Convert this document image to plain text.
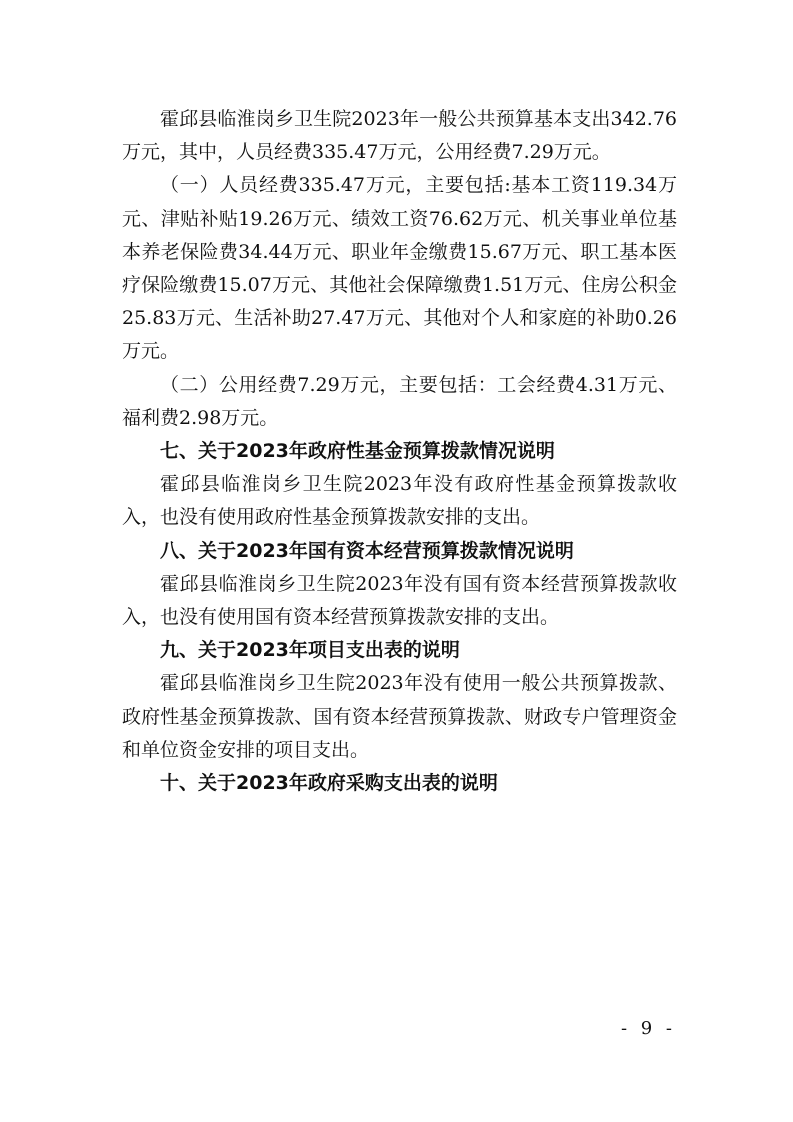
霍邱县临淮岗乡卫生院2023年一般公共预算基本支出342.76万元，其中，人员经费335.47万元，公用经费7.29万元。

（一）人员经费335.47万元，主要包括:基本工资119.34万元、津贴补贴19.26万元、绩效工资76.62万元、机关事业单位基本养老保险费34.44万元、职业年金缴费15.67万元、职工基本医疗保险缴费15.07万元、其他社会保障缴费1.51万元、住房公积金25.83万元、生活补助27.47万元、其他对个人和家庭的补助0.26万元。

（二）公用经费7.29万元，主要包括：工会经费4.31万元、福利费2.98万元。

七、关于2023年政府性基金预算拨款情况说明

霍邱县临淮岗乡卫生院2023年没有政府性基金预算拨款收入，也没有使用政府性基金预算拨款安排的支出。

八、关于2023年国有资本经营预算拨款情况说明

霍邱县临淮岗乡卫生院2023年没有国有资本经营预算拨款收入，也没有使用国有资本经营预算拨款安排的支出。

九、关于2023年项目支出表的说明

霍邱县临淮岗乡卫生院2023年没有使用一般公共预算拨款、政府性基金预算拨款、国有资本经营预算拨款、财政专户管理资金和单位资金安排的项目支出。

十、关于2023年政府采购支出表的说明

- 9 -
